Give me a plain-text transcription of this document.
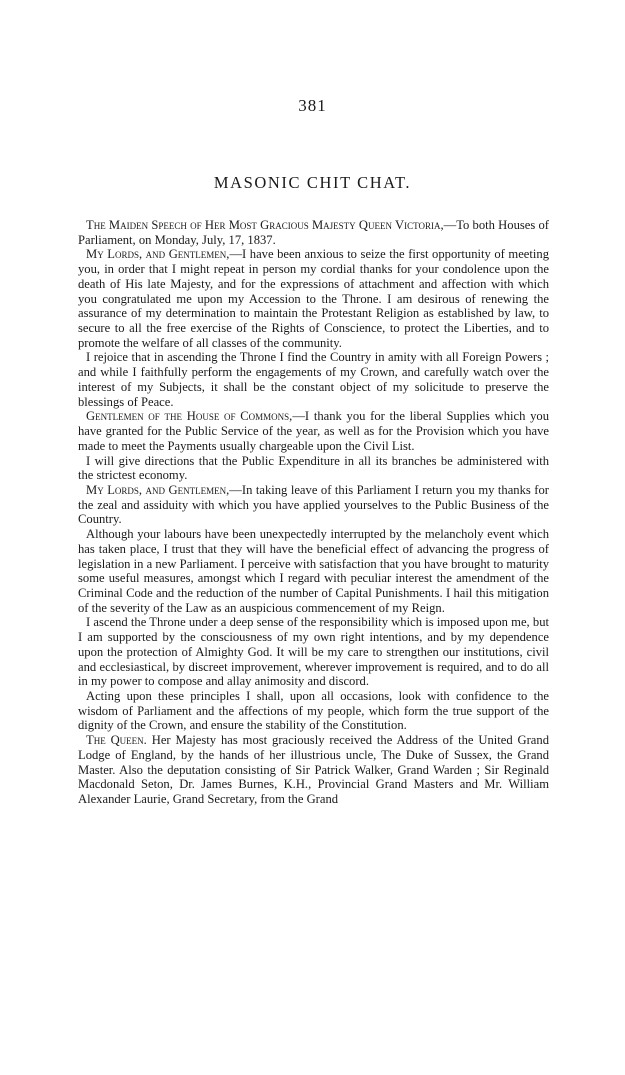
381
MASONIC CHIT CHAT.

The Maiden Speech of Her Most Gracious Majesty Queen Victoria,—To both Houses of Parliament, on Monday, July, 17, 1837.

My Lords, and Gentlemen,—I have been anxious to seize the first opportunity of meeting you, in order that I might repeat in person my cordial thanks for your condolence upon the death of His late Majesty, and for the expressions of attachment and affection with which you congratulated me upon my Accession to the Throne. I am desirous of renewing the assurance of my determination to maintain the Protestant Religion as established by law, to secure to all the free exercise of the Rights of Conscience, to protect the Liberties, and to promote the welfare of all classes of the community.

I rejoice that in ascending the Throne I find the Country in amity with all Foreign Powers ; and while I faithfully perform the engagements of my Crown, and carefully watch over the interest of my Subjects, it shall be the constant object of my solicitude to preserve the blessings of Peace.

Gentlemen of the House of Commons,—I thank you for the liberal Supplies which you have granted for the Public Service of the year, as well as for the Provision which you have made to meet the Payments usually chargeable upon the Civil List.

I will give directions that the Public Expenditure in all its branches be administered with the strictest economy.

My Lords, and Gentlemen,—In taking leave of this Parliament I return you my thanks for the zeal and assiduity with which you have applied yourselves to the Public Business of the Country.

Although your labours have been unexpectedly interrupted by the melancholy event which has taken place, I trust that they will have the beneficial effect of advancing the progress of legislation in a new Parliament. I perceive with satisfaction that you have brought to maturity some useful measures, amongst which I regard with peculiar interest the amendment of the Criminal Code and the reduction of the number of Capital Punishments. I hail this mitigation of the severity of the Law as an auspicious commencement of my Reign.

I ascend the Throne under a deep sense of the responsibility which is imposed upon me, but I am supported by the consciousness of my own right intentions, and by my dependence upon the protection of Almighty God. It will be my care to strengthen our institutions, civil and ecclesiastical, by discreet improvement, wherever improvement is required, and to do all in my power to compose and allay animosity and discord.

Acting upon these principles I shall, upon all occasions, look with confidence to the wisdom of Parliament and the affections of my people, which form the true support of the dignity of the Crown, and ensure the stability of the Constitution.

The Queen. Her Majesty has most graciously received the Address of the United Grand Lodge of England, by the hands of her illustrious uncle, The Duke of Sussex, the Grand Master. Also the deputation consisting of Sir Patrick Walker, Grand Warden ; Sir Reginald Macdonald Seton, Dr. James Burnes, K.H., Provincial Grand Masters and Mr. William Alexander Laurie, Grand Secretary, from the Grand
